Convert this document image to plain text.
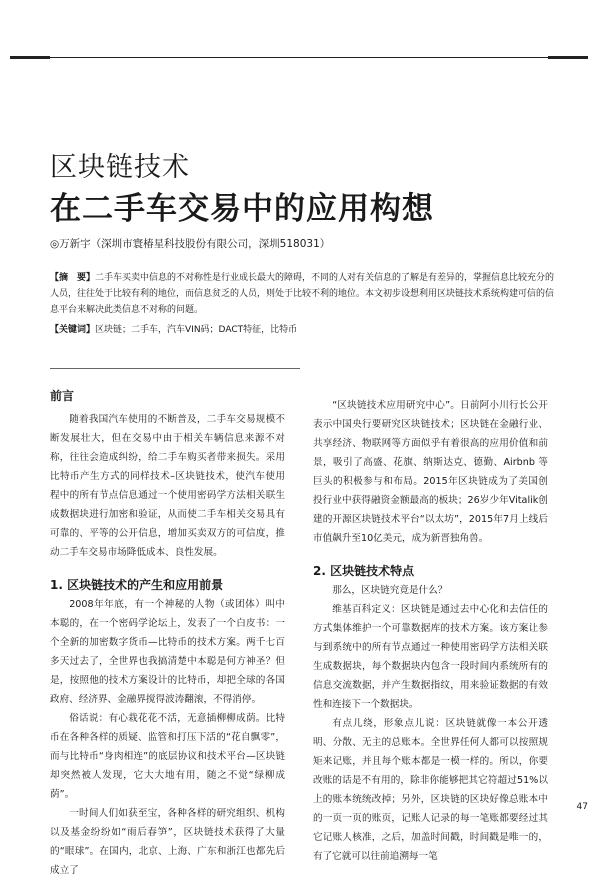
区块链技术
在二手车交易中的应用构想
◎万新宇（深圳市寰椿星科技股份有限公司，深圳518031）
【摘　要】二手车买卖中信息的不对称性是行业成长最大的障碍，不同的人对有关信息的了解是有差异的，掌握信息比较充分的人员，往往处于比较有利的地位，而信息贫乏的人员，则处于比较不利的地位。本文初步设想利用区块链技术系统构建可信的信息平台来解决此类信息不对称的问题。
【关键词】区块链；二手车，汽车VIN码；DACT特征，比特币

前言

随着我国汽车使用的不断普及，二手车交易规模不断发展壮大，但在交易中由于相关车辆信息来源不对称，往往会造成纠纷，给二手车购买者带来损失。采用比特币产生方式的同样技术–区块链技术，使汽车使用程中的所有节点信息通过一个使用密码学方法相关联生成数据块进行加密和验证，从而使二手车相关交易具有可靠的、平等的公开信息，增加买卖双方的可信度，推动二手车交易市场降低成本、良性发展。

1. 区块链技术的产生和应用前景

2008年年底，有一个神秘的人物（或团体）叫中本聪的，在一个密码学论坛上，发表了一个白皮书：一个全新的加密数字货币—比特币的技术方案。两千七百多天过去了，全世界也我搞清楚中本聪是何方神圣？但是，按照他的技术方案设计的比特币，却把全球的各国政府、经济界、金融界搅得波涛翻滚，不得消停。

俗话说：有心栽花花不活，无意插柳柳成荫。比特币在各种各样的质疑、监管和打压下活的“花自飘零”，而与比特币“身肉相连”的底层协议和技术平台—区块链却突然被人发现，它大大地有用，随之不觉“绿柳成荫”。

一时间人们如获至宝，各种各样的研究组织、机构以及基金纷纷如“雨后春笋”，区块链技术获得了大量的“眼球”。在国内，北京、上海、广东和浙江也都先后成立了

“区块链技术应用研究中心”。日前阿小川行长公开表示中国央行要研究区块链技术；区块链在金融行业、共享经济、物联网等方面似乎有着很高的应用价值和前景，吸引了高盛、花旗、纳斯达克、德勤、Airbnb 等巨头的积极参与和布局。2015年区块链成为了美国创投行业中获得融资金额最高的板块；26岁少年Vitalik创建的开源区块链技术平台“以太坊”，2015年7月上线后市值飙升至10亿美元，成为新晋独角兽。

2. 区块链技术特点

那么，区块链究竟是什么？

维基百科定义：区块链是通过去中心化和去信任的方式集体维护一个可靠数据库的技术方案。该方案让参与到系统中的所有节点通过一种使用密码学方法相关联生成数据块，每个数据块内包含一段时间内系统所有的信息交流数据，并产生数据指纹，用来验证数据的有效性和连接下一个数据块。

有点儿绕，形象点儿说：区块链就像一本公开透明、分散、无主的总账本。全世界任何人都可以按照规矩来记账，并且每个账本都是一模一样的。所以，你要改账的话是不有用的，除非你能够把其它符超过51%以上的账本统统改掉；另外，区块链的区块好像总账本中的一页一页的账页，记账人记录的每一笔账都要经过其它记账人核准，之后，加盖时间戳，时间戳是唯一的，有了它就可以往前追溯每一笔

47
